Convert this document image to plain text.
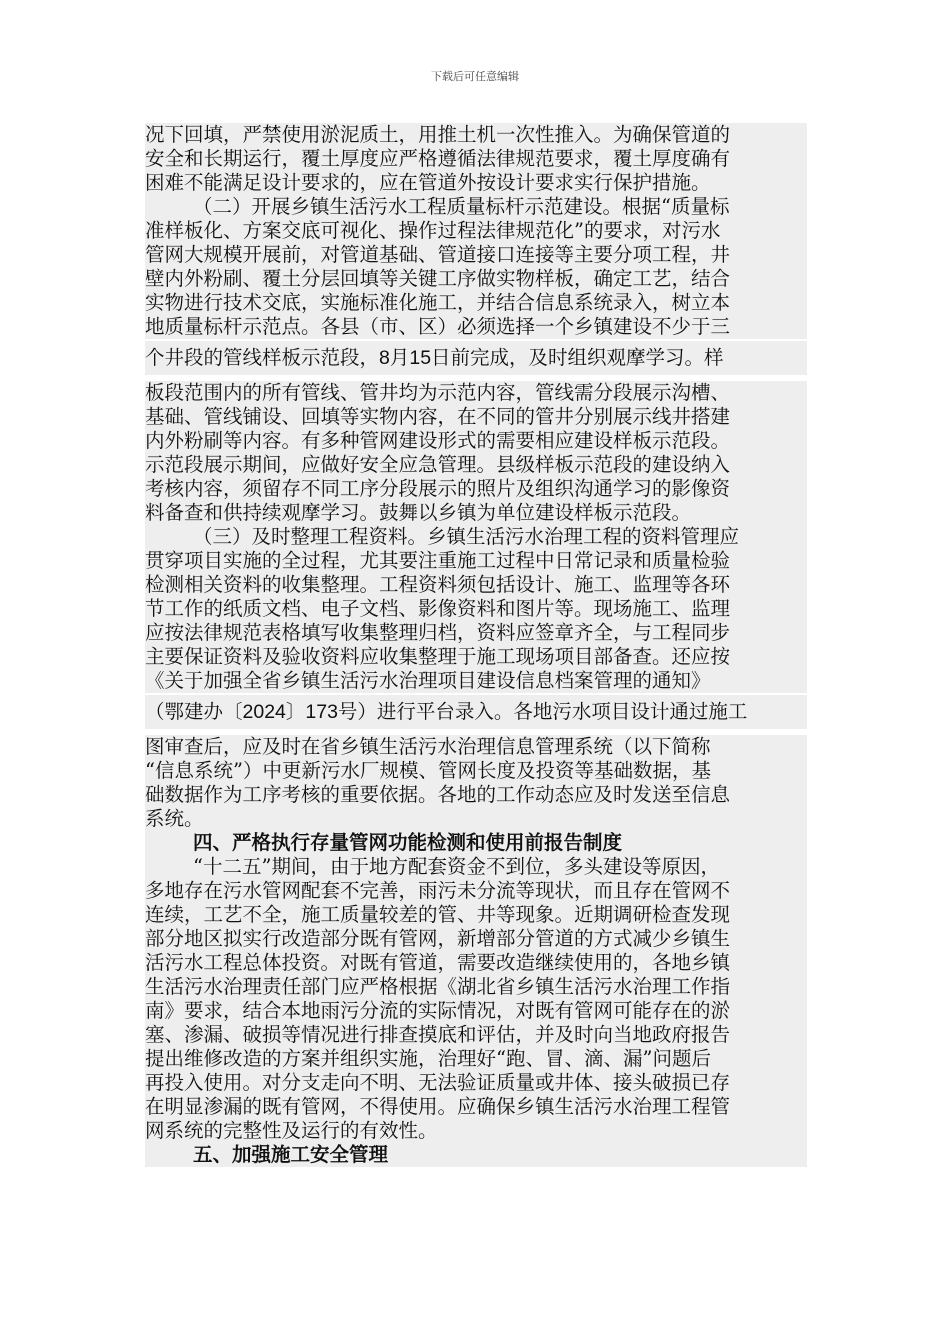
下载后可任意编辑
况下回填，严禁使用淤泥质土，用推土机一次性推入。为确保管道的
安全和长期运行，覆土厚度应严格遵循法律规范要求，覆土厚度确有
困难不能满足设计要求的，应在管道外按设计要求实行保护措施。
（二）开展乡镇生活污水工程质量标杆示范建设。根据“质量标
准样板化、方案交底可视化、操作过程法律规范化”的要求，对污水
管网大规模开展前，对管道基础、管道接口连接等主要分项工程，井
壁内外粉刷、覆土分层回填等关键工序做实物样板，确定工艺，结合
实物进行技术交底，实施标准化施工，并结合信息系统录入，树立本
地质量标杆示范点。各县（市、区）必须选择一个乡镇建设不少于三
个井段的管线样板示范段，8月15日前完成，及时组织观摩学习。样
板段范围内的所有管线、管井均为示范内容，管线需分段展示沟槽、
基础、管线铺设、回填等实物内容，在不同的管井分别展示线井搭建
内外粉刷等内容。有多种管网建设形式的需要相应建设样板示范段。
示范段展示期间，应做好安全应急管理。县级样板示范段的建设纳入
考核内容，须留存不同工序分段展示的照片及组织沟通学习的影像资
料备查和供持续观摩学习。鼓舞以乡镇为单位建设样板示范段。
（三）及时整理工程资料。乡镇生活污水治理工程的资料管理应
贯穿项目实施的全过程，尤其要注重施工过程中日常记录和质量检验
检测相关资料的收集整理。工程资料须包括设计、施工、监理等各环
节工作的纸质文档、电子文档、影像资料和图片等。现场施工、监理
应按法律规范表格填写收集整理归档，资料应签章齐全，与工程同步
主要保证资料及验收资料应收集整理于施工现场项目部备查。还应按
《关于加强全省乡镇生活污水治理项目建设信息档案管理的通知》
（鄂建办〔2024〕173号）进行平台录入。各地污水项目设计通过施工
图审查后，应及时在省乡镇生活污水治理信息管理系统（以下简称
“信息系统”）中更新污水厂规模、管网长度及投资等基础数据，基
础数据作为工序考核的重要依据。各地的工作动态应及时发送至信息
系统。
四、严格执行存量管网功能检测和使用前报告制度
“十二五”期间，由于地方配套资金不到位，多头建设等原因，
多地存在污水管网配套不完善，雨污未分流等现状，而且存在管网不
连续，工艺不全，施工质量较差的管、井等现象。近期调研检查发现
部分地区拟实行改造部分既有管网，新增部分管道的方式减少乡镇生
活污水工程总体投资。对既有管道，需要改造继续使用的，各地乡镇
生活污水治理责任部门应严格根据《湖北省乡镇生活污水治理工作指
南》要求，结合本地雨污分流的实际情况，对既有管网可能存在的淤
塞、渗漏、破损等情况进行排查摸底和评估，并及时向当地政府报告
提出维修改造的方案并组织实施，治理好“跑、冒、滴、漏”问题后
再投入使用。对分支走向不明、无法验证质量或井体、接头破损已存
在明显渗漏的既有管网，不得使用。应确保乡镇生活污水治理工程管
网系统的完整性及运行的有效性。
五、加强施工安全管理
